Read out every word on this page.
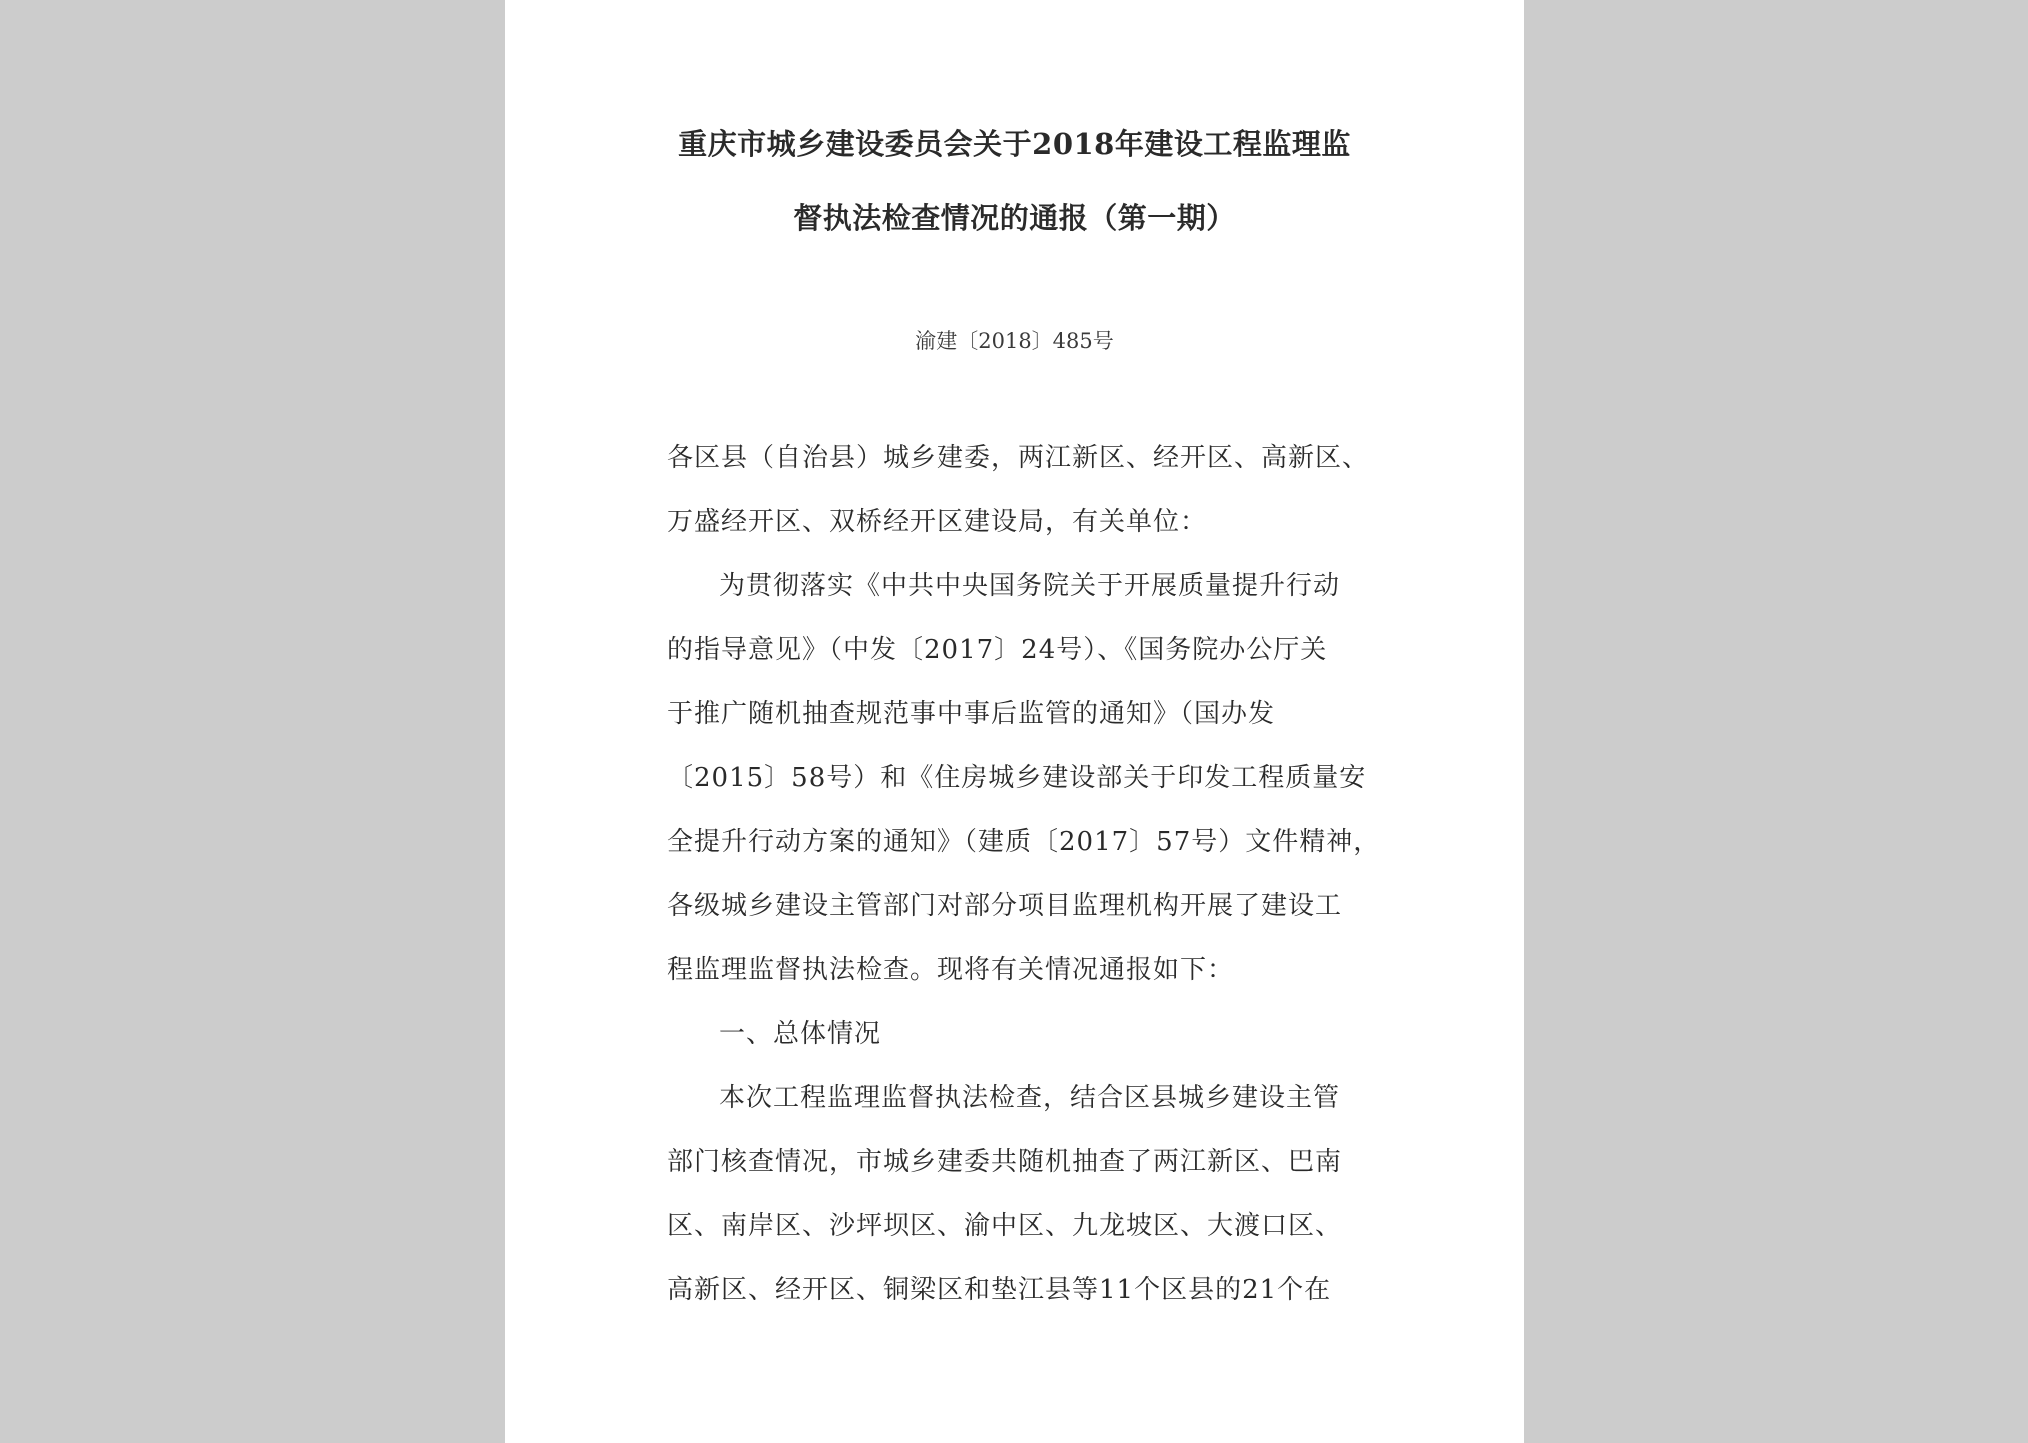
重庆市城乡建设委员会关于2018年建设工程监理监
督执法检查情况的通报（第一期）
渝建〔2018〕485号
各区县（自治县）城乡建委，两江新区、经开区、高新区、
万盛经开区、双桥经开区建设局，有关单位：
为贯彻落实《中共中央国务院关于开展质量提升行动
的指导意见》（中发〔2017〕24号）、《国务院办公厅关
于推广随机抽查规范事中事后监管的通知》（国办发
〔2015〕58号）和《住房城乡建设部关于印发工程质量安
全提升行动方案的通知》（建质〔2017〕57号）文件精神，
各级城乡建设主管部门对部分项目监理机构开展了建设工
程监理监督执法检查。现将有关情况通报如下：
一、总体情况
本次工程监理监督执法检查，结合区县城乡建设主管
部门核查情况，市城乡建委共随机抽查了两江新区、巴南
区、南岸区、沙坪坝区、渝中区、九龙坡区、大渡口区、
高新区、经开区、铜梁区和垫江县等11个区县的21个在
